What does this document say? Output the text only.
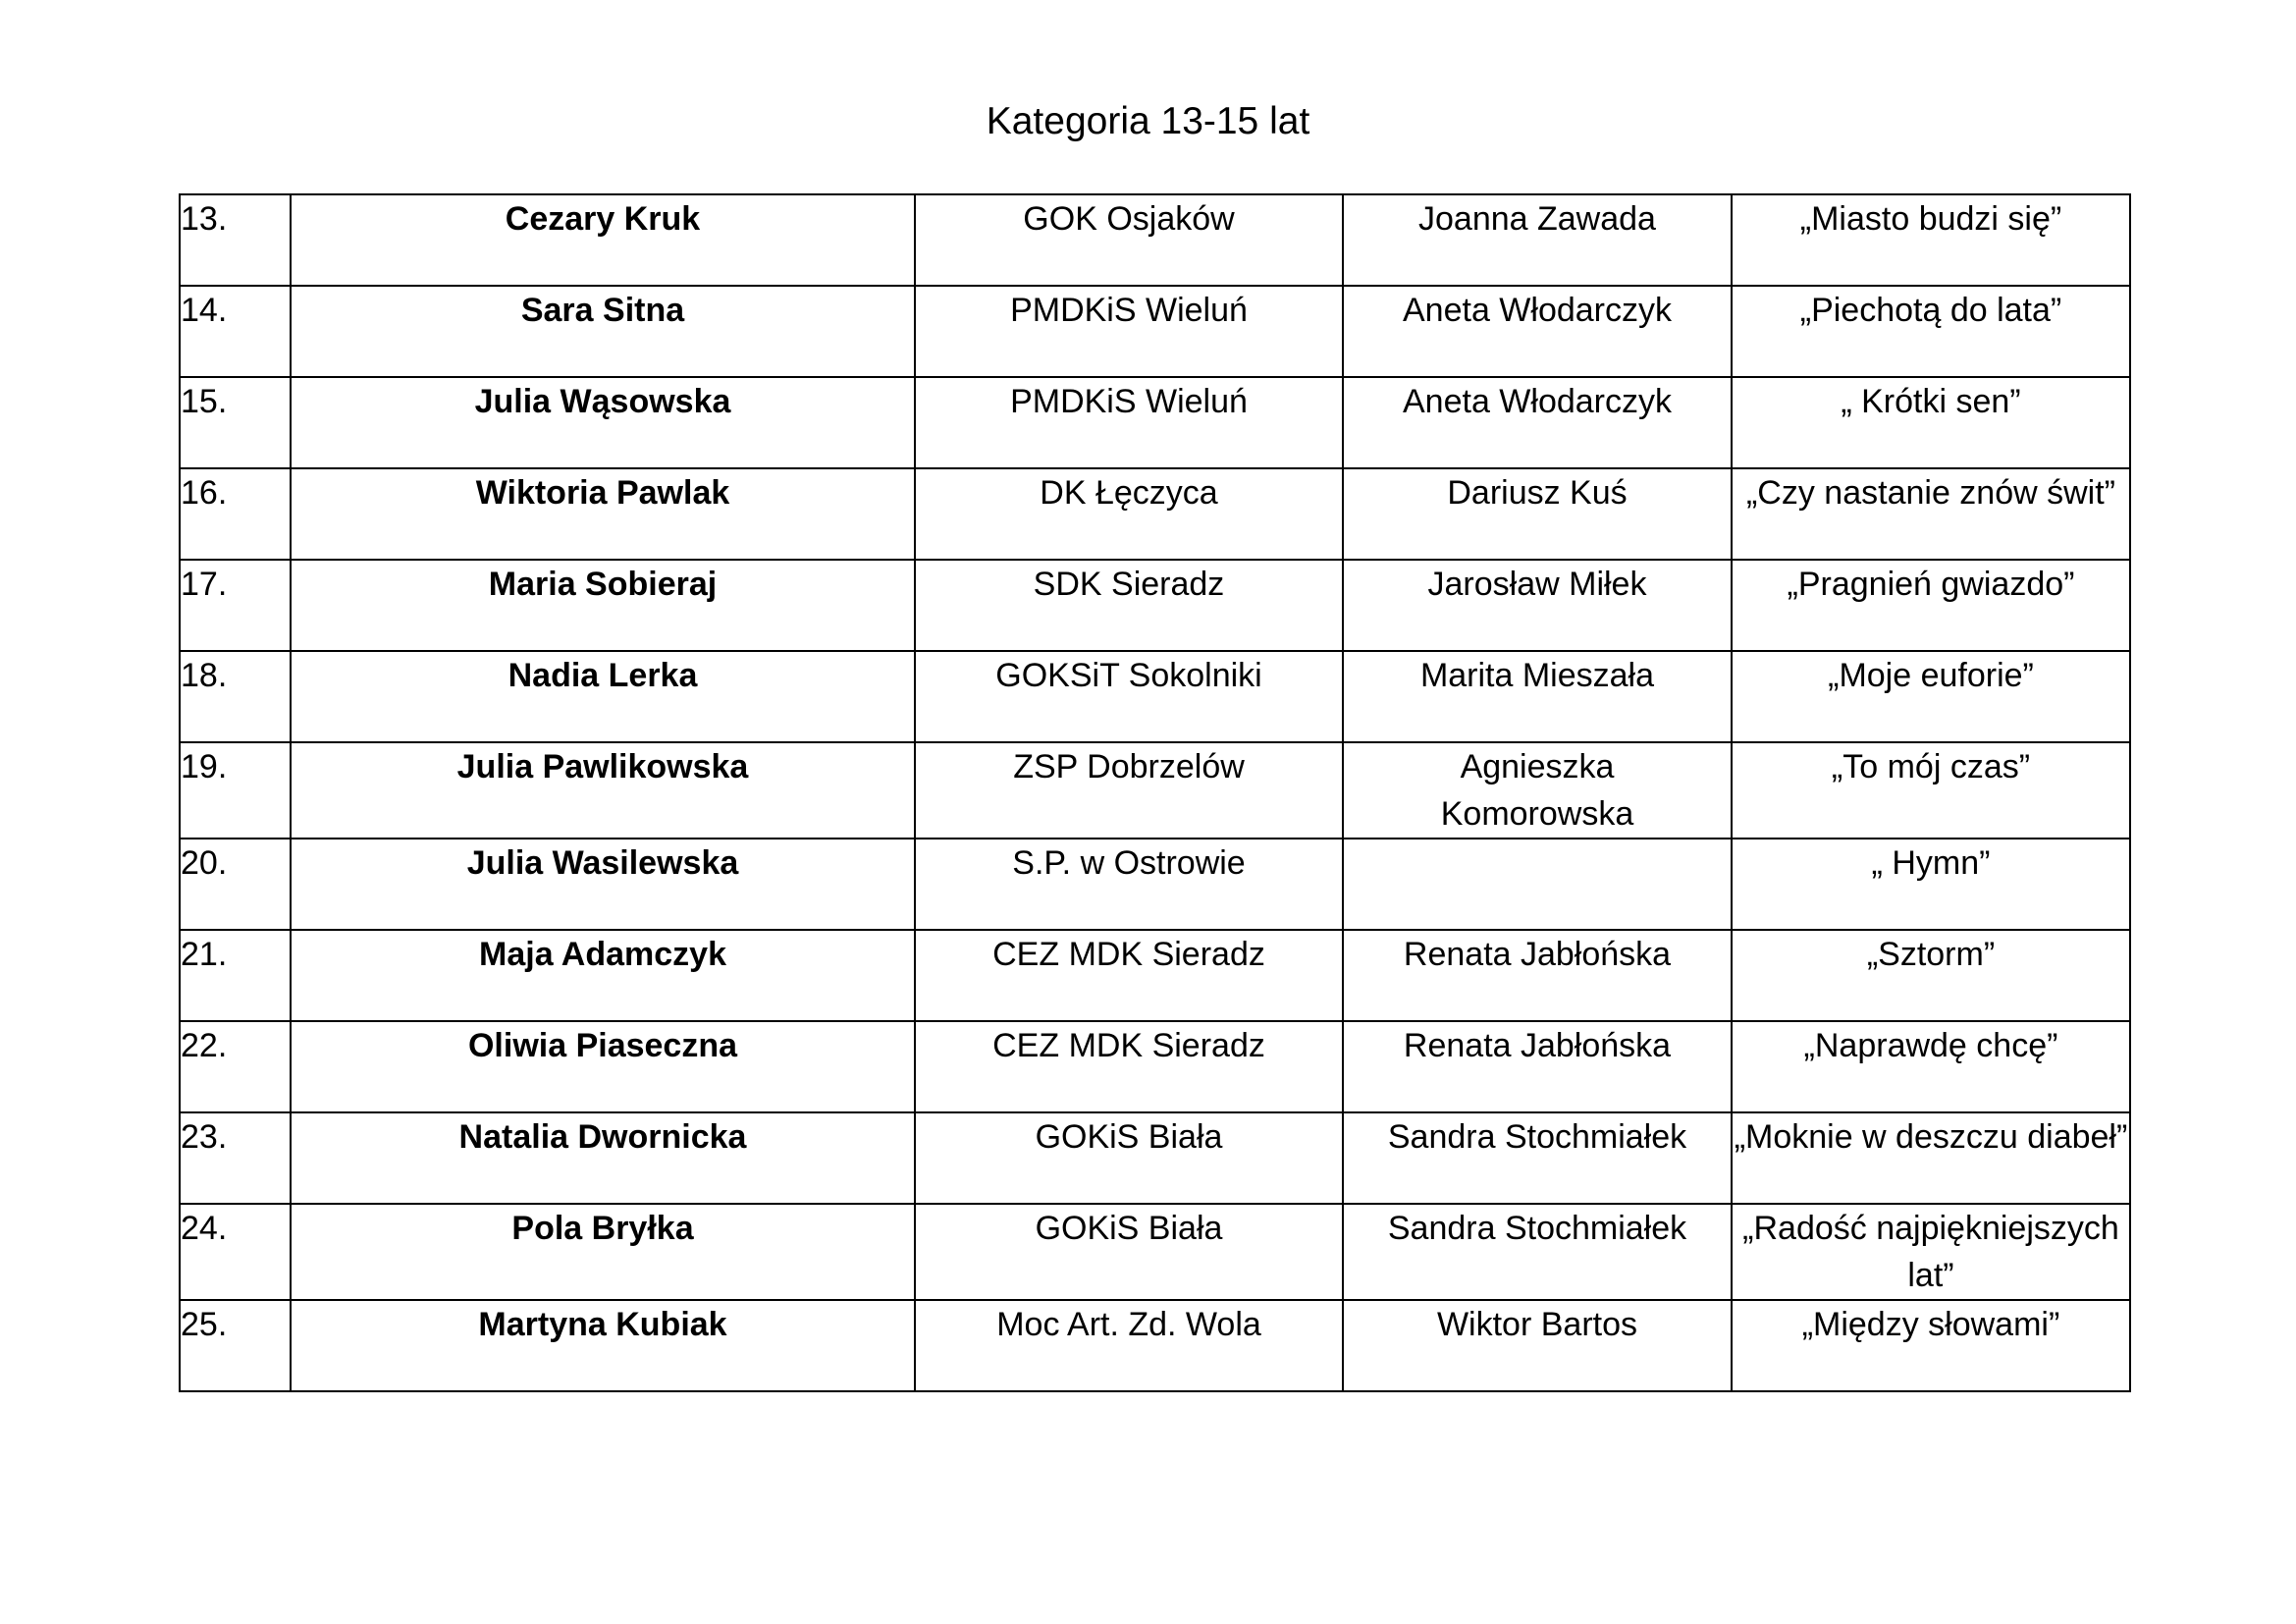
Kategoria 13-15 lat
13.	Cezary Kruk	GOK Osjaków	Joanna Zawada	„Miasto budzi się”
14.	Sara Sitna	PMDKiS Wieluń	Aneta Włodarczyk	„Piechotą do lata”
15.	Julia Wąsowska	PMDKiS Wieluń	Aneta Włodarczyk	„ Krótki sen”
16.	Wiktoria Pawlak	DK Łęczyca	Dariusz Kuś	„Czy nastanie znów świt”
17.	Maria Sobieraj	SDK Sieradz	Jarosław Miłek	„Pragnień gwiazdo”
18.	Nadia Lerka	GOKSiT Sokolniki	Marita Mieszała	„Moje euforie”
19.	Julia Pawlikowska	ZSP Dobrzelów	Agnieszka Komorowska	„To mój czas”
20.	Julia Wasilewska	S.P. w Ostrowie		„ Hymn”
21.	Maja Adamczyk	CEZ MDK Sieradz	Renata Jabłońska	„Sztorm”
22.	Oliwia Piaseczna	CEZ MDK Sieradz	Renata Jabłońska	„Naprawdę chcę”
23.	Natalia Dwornicka	GOKiS Biała	Sandra Stochmiałek	„Moknie w deszczu diabeł”
24.	Pola Bryłka	GOKiS Biała	Sandra Stochmiałek	„Radość najpiękniejszych lat”
25.	Martyna Kubiak	Moc Art. Zd. Wola	Wiktor Bartos	„Między słowami”
